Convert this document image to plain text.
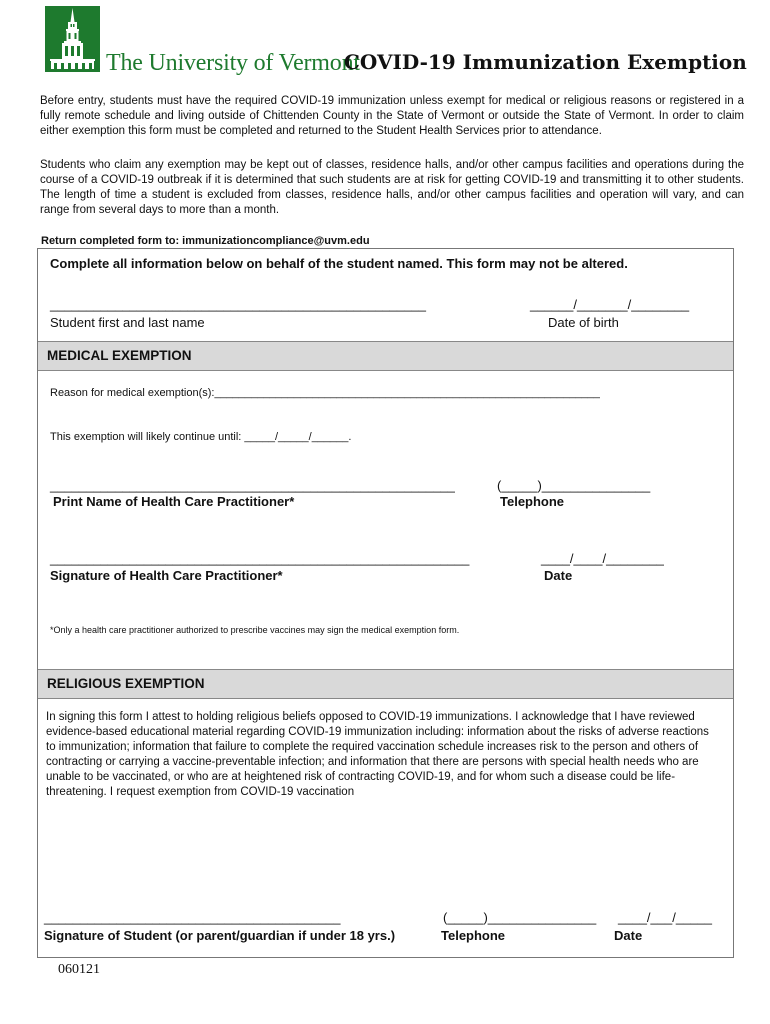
The University of Vermont
COVID-19 Immunization Exemption

Before entry, students must have the required COVID-19 immunization unless exempt for medical or religious reasons or registered in a fully remote schedule and living outside of Chittenden County in the State of Vermont or outside the State of Vermont. In order to claim either exemption this form must be completed and returned to the Student Health Services prior to attendance.

Students who claim any exemption may be kept out of classes, residence halls, and/or other campus facilities and operations during the course of a COVID-19 outbreak if it is determined that such students are at risk for getting COVID-19 and transmitting it to other students. The length of time a student is excluded from classes, residence halls, and/or other campus facilities and operation will vary, and can range from several days to more than a month.

Return completed form to: immunizationcompliance@uvm.edu
Complete all information below on behalf of the student named. This form may not be altered.
____________________________________________________	______/_______/________
Student first and last name	Date of birth
MEDICAL EXEMPTION
Reason for medical exemption(s):_______________________________________________________________
This exemption will likely continue until: _____/_____/______.
________________________________________________________	(_____)_______________
Print Name of Health Care Practitioner*	Telephone
__________________________________________________________	____/____/________
Signature of Health Care Practitioner*	Date
*Only a health care practitioner authorized to prescribe vaccines may sign the medical exemption form.
RELIGIOUS EXEMPTION

In signing this form I attest to holding religious beliefs opposed to COVID-19 immunizations. I acknowledge that I have reviewed evidence-based educational material regarding COVID-19 immunization including: information about the risks of adverse reactions to immunization; information that failure to complete the required vaccination schedule increases risk to the person and others of contracting or carrying a vaccine-preventable infection; and information that there are persons with special health needs who are unable to be vaccinated, or who are at heightened risk of contracting COVID-19, and for whom such a disease could be life-threatening. I request exemption from COVID-19 vaccination

_________________________________________	(_____)_______________ ____/___/_____
Signature of Student (or parent/guardian if under 18 yrs.)	Telephone	Date
060121
